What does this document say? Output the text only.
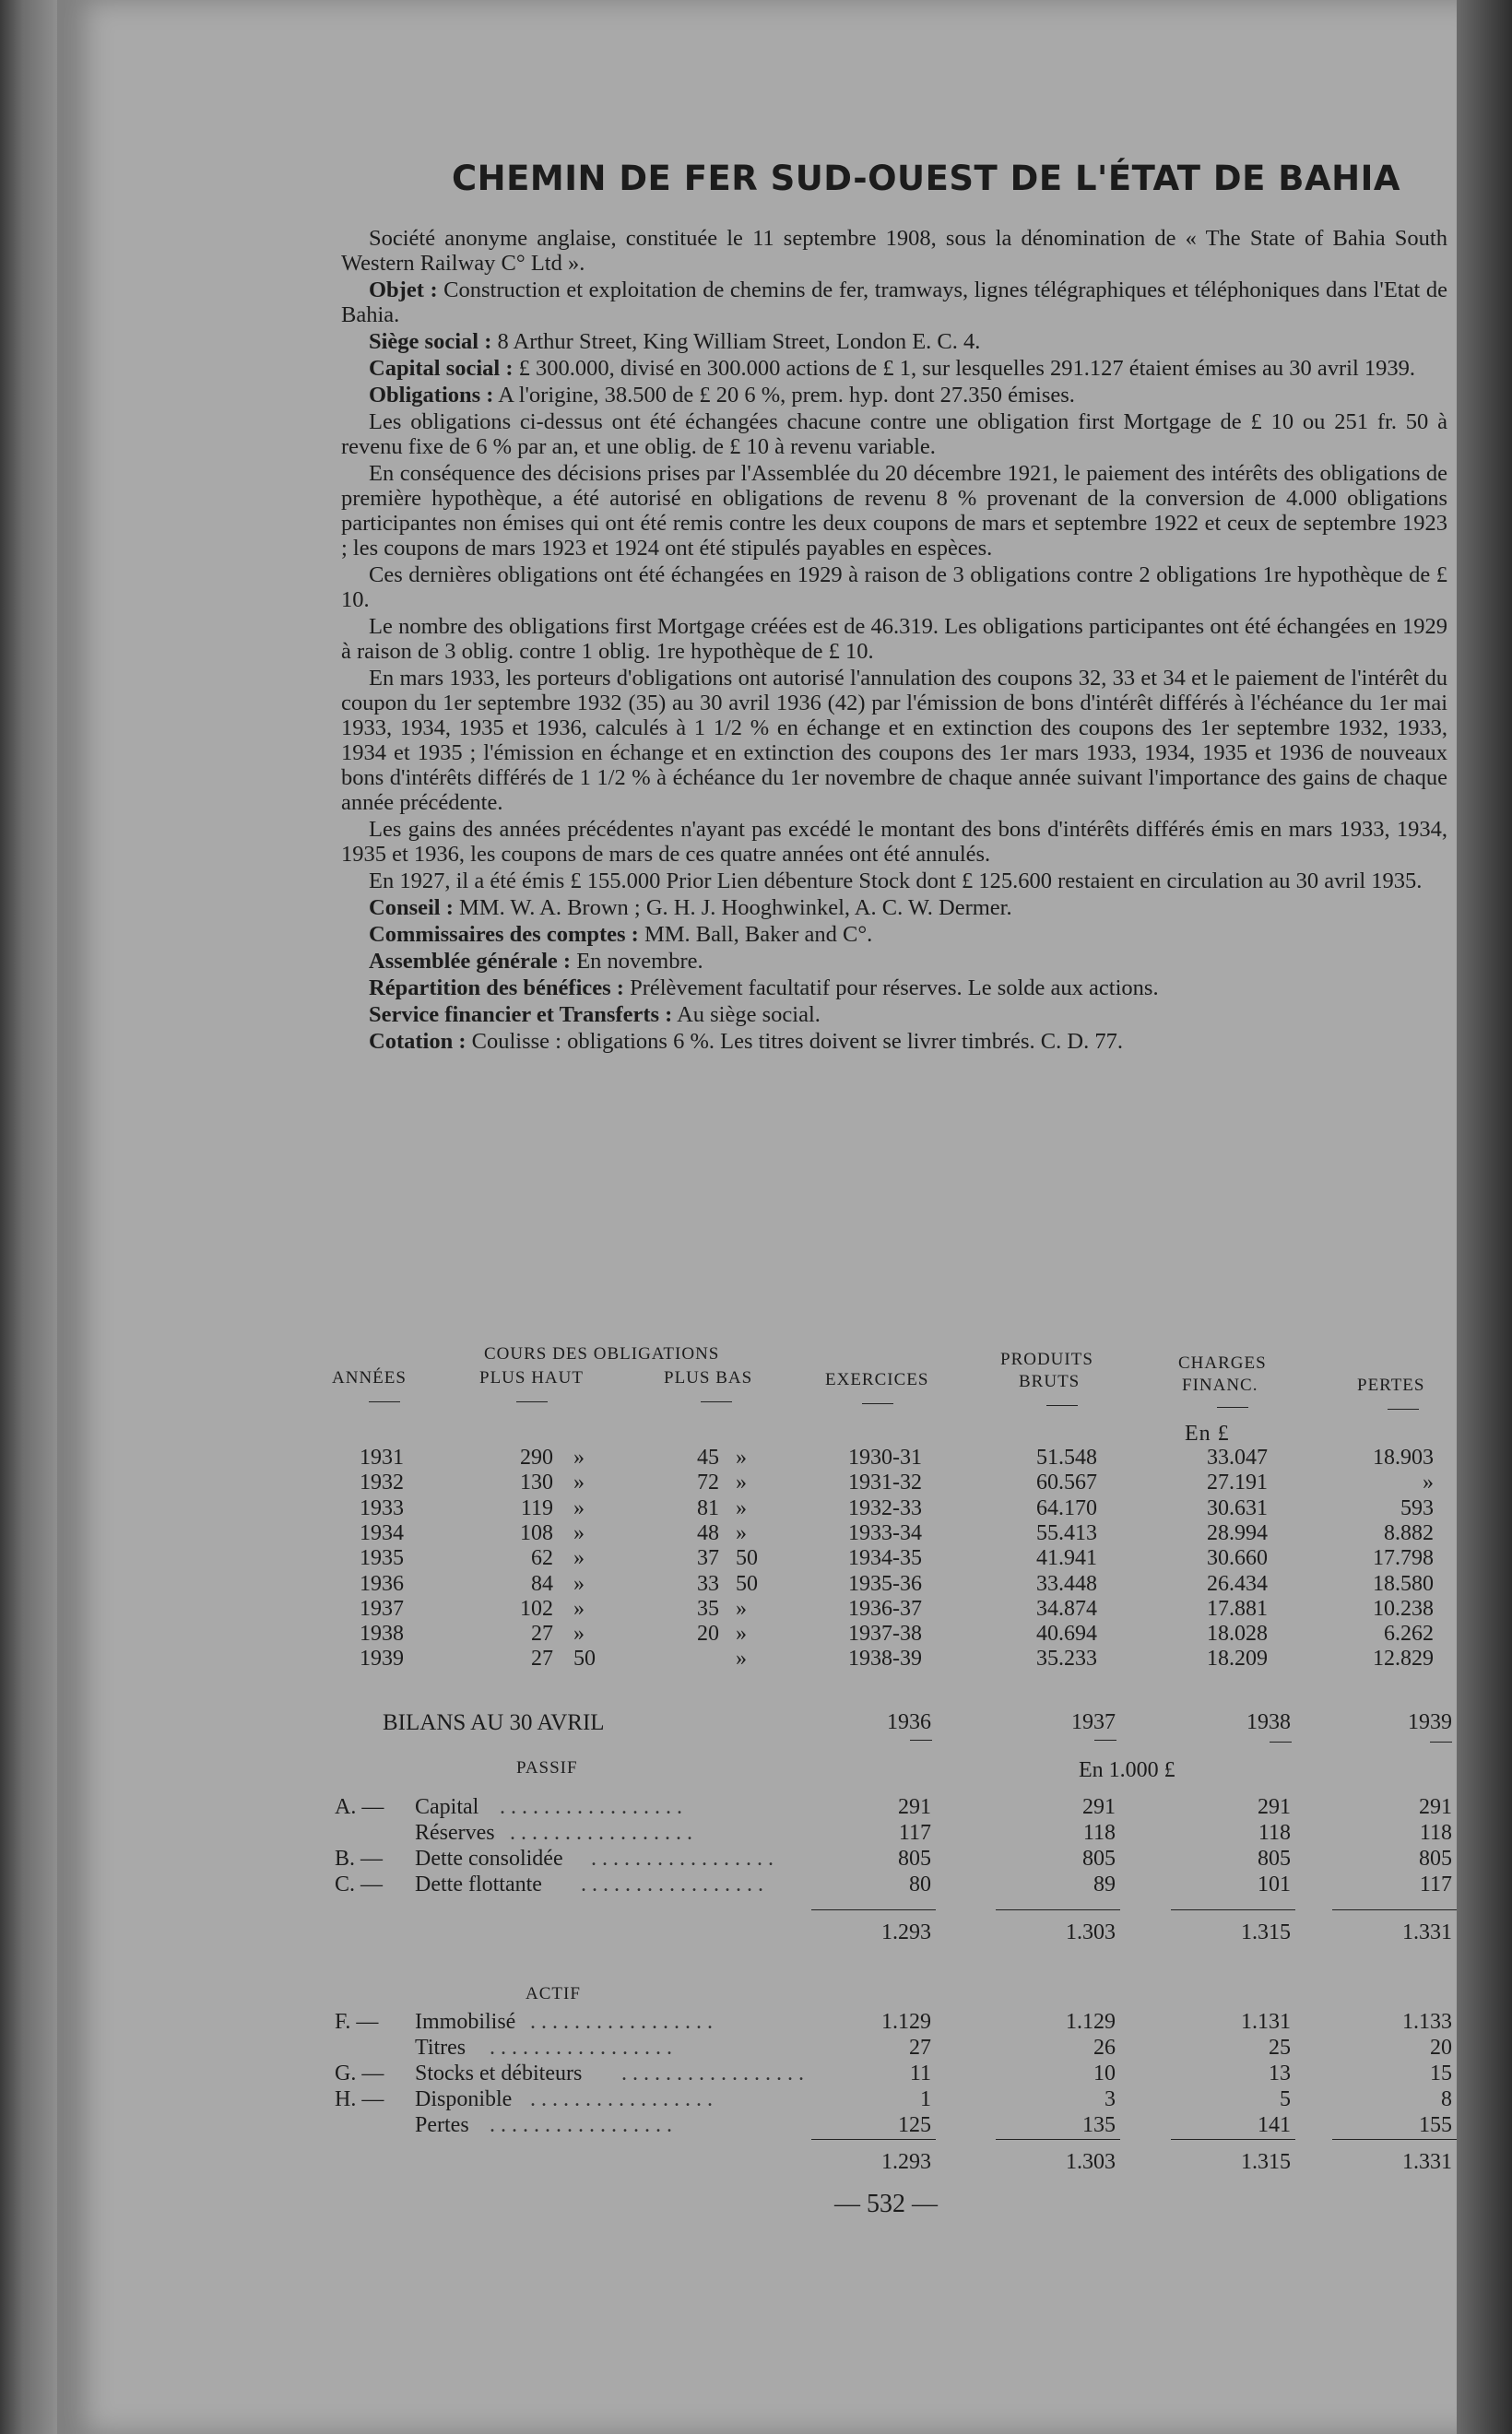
CHEMIN DE FER SUD-OUEST DE L'ÉTAT DE BAHIA

Société anonyme anglaise, constituée le 11 septembre 1908, sous la dénomination de « The State of Bahia South Western Railway C° Ltd ».

Objet : Construction et exploitation de chemins de fer, tramways, lignes télégraphiques et téléphoniques dans l'Etat de Bahia.

Siège social : 8 Arthur Street, King William Street, London E. C. 4.

Capital social : £ 300.000, divisé en 300.000 actions de £ 1, sur lesquelles 291.127 étaient émises au 30 avril 1939.

Obligations : A l'origine, 38.500 de £ 20 6 %, prem. hyp. dont 27.350 émises.

Les obligations ci-dessus ont été échangées chacune contre une obligation first Mortgage de £ 10 ou 251 fr. 50 à revenu fixe de 6 % par an, et une oblig. de £ 10 à revenu variable.

En conséquence des décisions prises par l'Assemblée du 20 décembre 1921, le paiement des intérêts des obligations de première hypothèque, a été autorisé en obligations de revenu 8 % provenant de la conversion de 4.000 obligations participantes non émises qui ont été remis contre les deux coupons de mars et septembre 1922 et ceux de septembre 1923 ; les coupons de mars 1923 et 1924 ont été stipulés payables en espèces.

Ces dernières obligations ont été échangées en 1929 à raison de 3 obligations contre 2 obligations 1re hypothèque de £ 10.

Le nombre des obligations first Mortgage créées est de 46.319. Les obligations participantes ont été échangées en 1929 à raison de 3 oblig. contre 1 oblig. 1re hypothèque de £ 10.

En mars 1933, les porteurs d'obligations ont autorisé l'annulation des coupons 32, 33 et 34 et le paiement de l'intérêt du coupon du 1er septembre 1932 (35) au 30 avril 1936 (42) par l'émission de bons d'intérêt différés à l'échéance du 1er mai 1933, 1934, 1935 et 1936, calculés à 1 1/2 % en échange et en extinction des coupons des 1er septembre 1932, 1933, 1934 et 1935 ; l'émission en échange et en extinction des coupons des 1er mars 1933, 1934, 1935 et 1936 de nouveaux bons d'intérêts différés de 1 1/2 % à échéance du 1er novembre de chaque année suivant l'importance des gains de chaque année précédente.

Les gains des années précédentes n'ayant pas excédé le montant des bons d'intérêts différés émis en mars 1933, 1934, 1935 et 1936, les coupons de mars de ces quatre années ont été annulés.

En 1927, il a été émis £ 155.000 Prior Lien débenture Stock dont £ 125.600 restaient en circulation au 30 avril 1935.

Conseil : MM. W. A. Brown ; G. H. J. Hooghwinkel, A. C. W. Dermer.

Commissaires des comptes : MM. Ball, Baker and C°.

Assemblée générale : En novembre.

Répartition des bénéfices : Prélèvement facultatif pour réserves. Le solde aux actions.

Service financier et Transferts : Au siège social.

Cotation : Coulisse : obligations 6 %. Les titres doivent se livrer timbrés. C. D. 77.

COURS DES OBLIGATIONS
ANNÉES	PLUS HAUT	PLUS BAS	EXERCICES
PRODUITS
BRUTS
CHARGES
FINANC.	PERTES
En £
1931	290 »	45 »	1930-31	51.548	33.047	18.903
1932	130 »	72 »	1931-32	60.567	27.191	»
1933	119 »	81 »	1932-33	64.170	30.631	593
1934	108 »	48 »	1933-34	55.413	28.994	8.882
1935	62 »	37 50	1934-35	41.941	30.660	17.798
1936	84 »	33 50	1935-36	33.448	26.434	18.580
1937	102 »	35 »	1936-37	34.874	17.881	10.238
1938	27 »	20 »	1937-38	40.694	18.028	6.262
1939	27 50	»	1938-39	35.233	18.209	12.829
BILANS AU 30 AVRIL	1936	1937	1938	1939
PASSIF	En 1.000 £
A. — Capital . . . . . . . . . . . . . . . . .	291	291	291	291
Réserves . . . . . . . . . . . . . . . . .	117	118	118	118
B. — Dette consolidée . . . . . . . . . . . . . . . . .	805	805	805	805
C. — Dette flottante . . . . . . . . . . . . . . . . .	80	89	101	117
1.293	1.303	1.315	1.331
ACTIF
F. — Immobilisé . . . . . . . . . . . . . . . . .	1.129	1.129	1.131	1.133
Titres . . . . . . . . . . . . . . . . .	27	26	25	20
G. — Stocks et débiteurs . . . . . . . . . . . . . . . . .	11	10	13	15
H. — Disponible . . . . . . . . . . . . . . . . .	1	3	5	8
Pertes . . . . . . . . . . . . . . . . .	125	135	141	155
1.293	1.303	1.315	1.331
— 532 —
